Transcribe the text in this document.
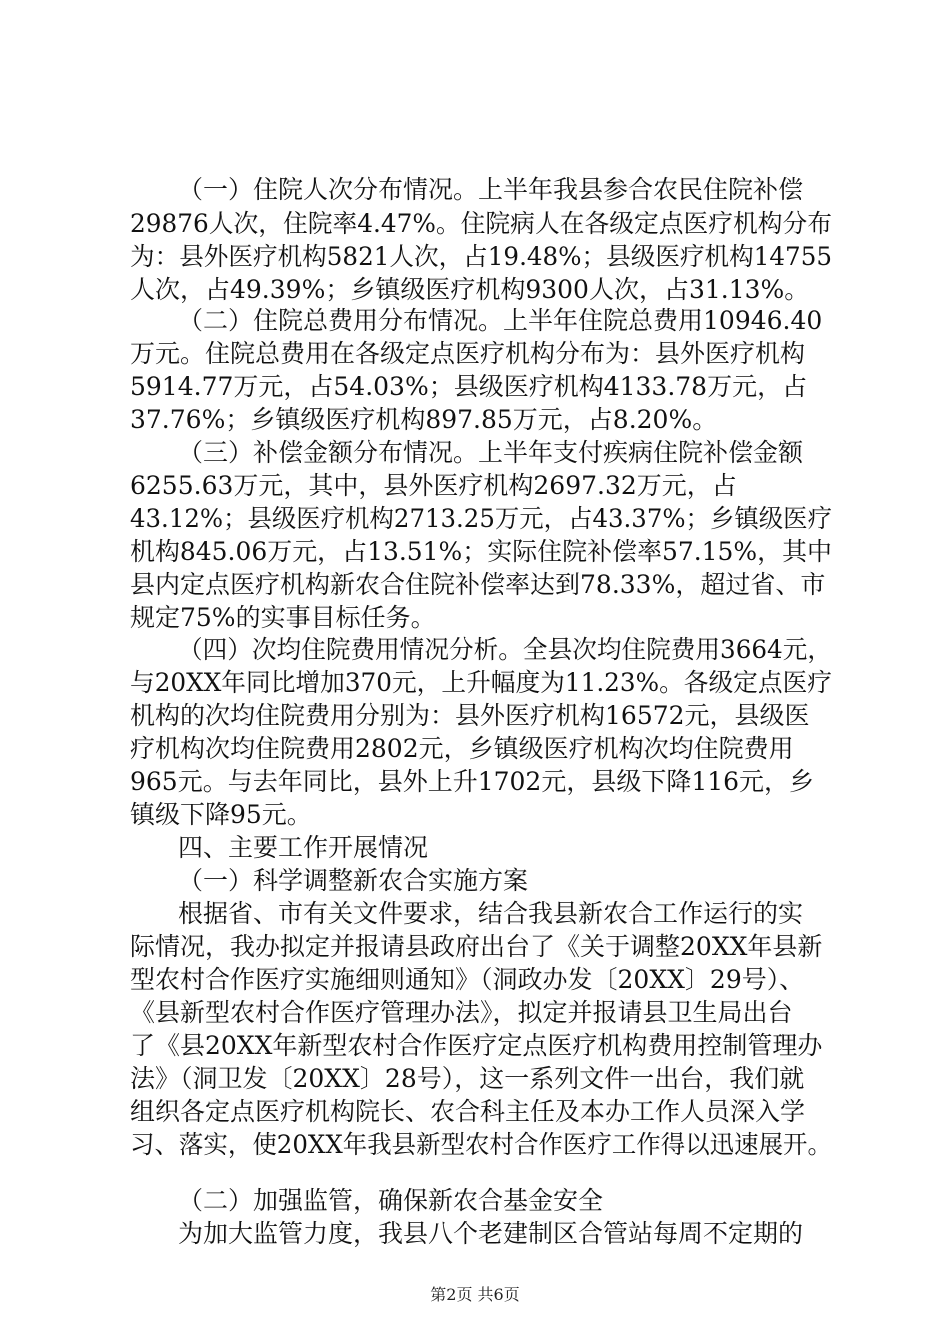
（一）住院人次分布情况。上半年我县参合农民住院补偿
29876人次，住院率4.47%。住院病人在各级定点医疗机构分布
为：县外医疗机构5821人次，占19.48%；县级医疗机构14755
人次，占49.39%；乡镇级医疗机构9300人次，占31.13%。
（二）住院总费用分布情况。上半年住院总费用10946.40
万元。住院总费用在各级定点医疗机构分布为：县外医疗机构
5914.77万元，占54.03%；县级医疗机构4133.78万元，占
37.76%；乡镇级医疗机构897.85万元，占8.20%。
（三）补偿金额分布情况。上半年支付疾病住院补偿金额
6255.63万元，其中，县外医疗机构2697.32万元，占
43.12%；县级医疗机构2713.25万元，占43.37%；乡镇级医疗
机构845.06万元，占13.51%；实际住院补偿率57.15%，其中
县内定点医疗机构新农合住院补偿率达到78.33%，超过省、市
规定75%的实事目标任务。
（四）次均住院费用情况分析。全县次均住院费用3664元，
与20XX年同比增加370元，上升幅度为11.23%。各级定点医疗
机构的次均住院费用分别为：县外医疗机构16572元，县级医
疗机构次均住院费用2802元，乡镇级医疗机构次均住院费用
965元。与去年同比，县外上升1702元，县级下降116元，乡
镇级下降95元。
四、主要工作开展情况
（一）科学调整新农合实施方案
根据省、市有关文件要求，结合我县新农合工作运行的实
际情况，我办拟定并报请县政府出台了《关于调整20XX年县新
型农村合作医疗实施细则通知》（洞政办发〔20XX〕29号）、
《县新型农村合作医疗管理办法》，拟定并报请县卫生局出台
了《县20XX年新型农村合作医疗定点医疗机构费用控制管理办
法》（洞卫发〔20XX〕28号），这一系列文件一出台，我们就
组织各定点医疗机构院长、农合科主任及本办工作人员深入学
习、落实，使20XX年我县新型农村合作医疗工作得以迅速展开。
（二）加强监管，确保新农合基金安全
为加大监管力度，我县八个老建制区合管站每周不定期的
第2页 共6页
